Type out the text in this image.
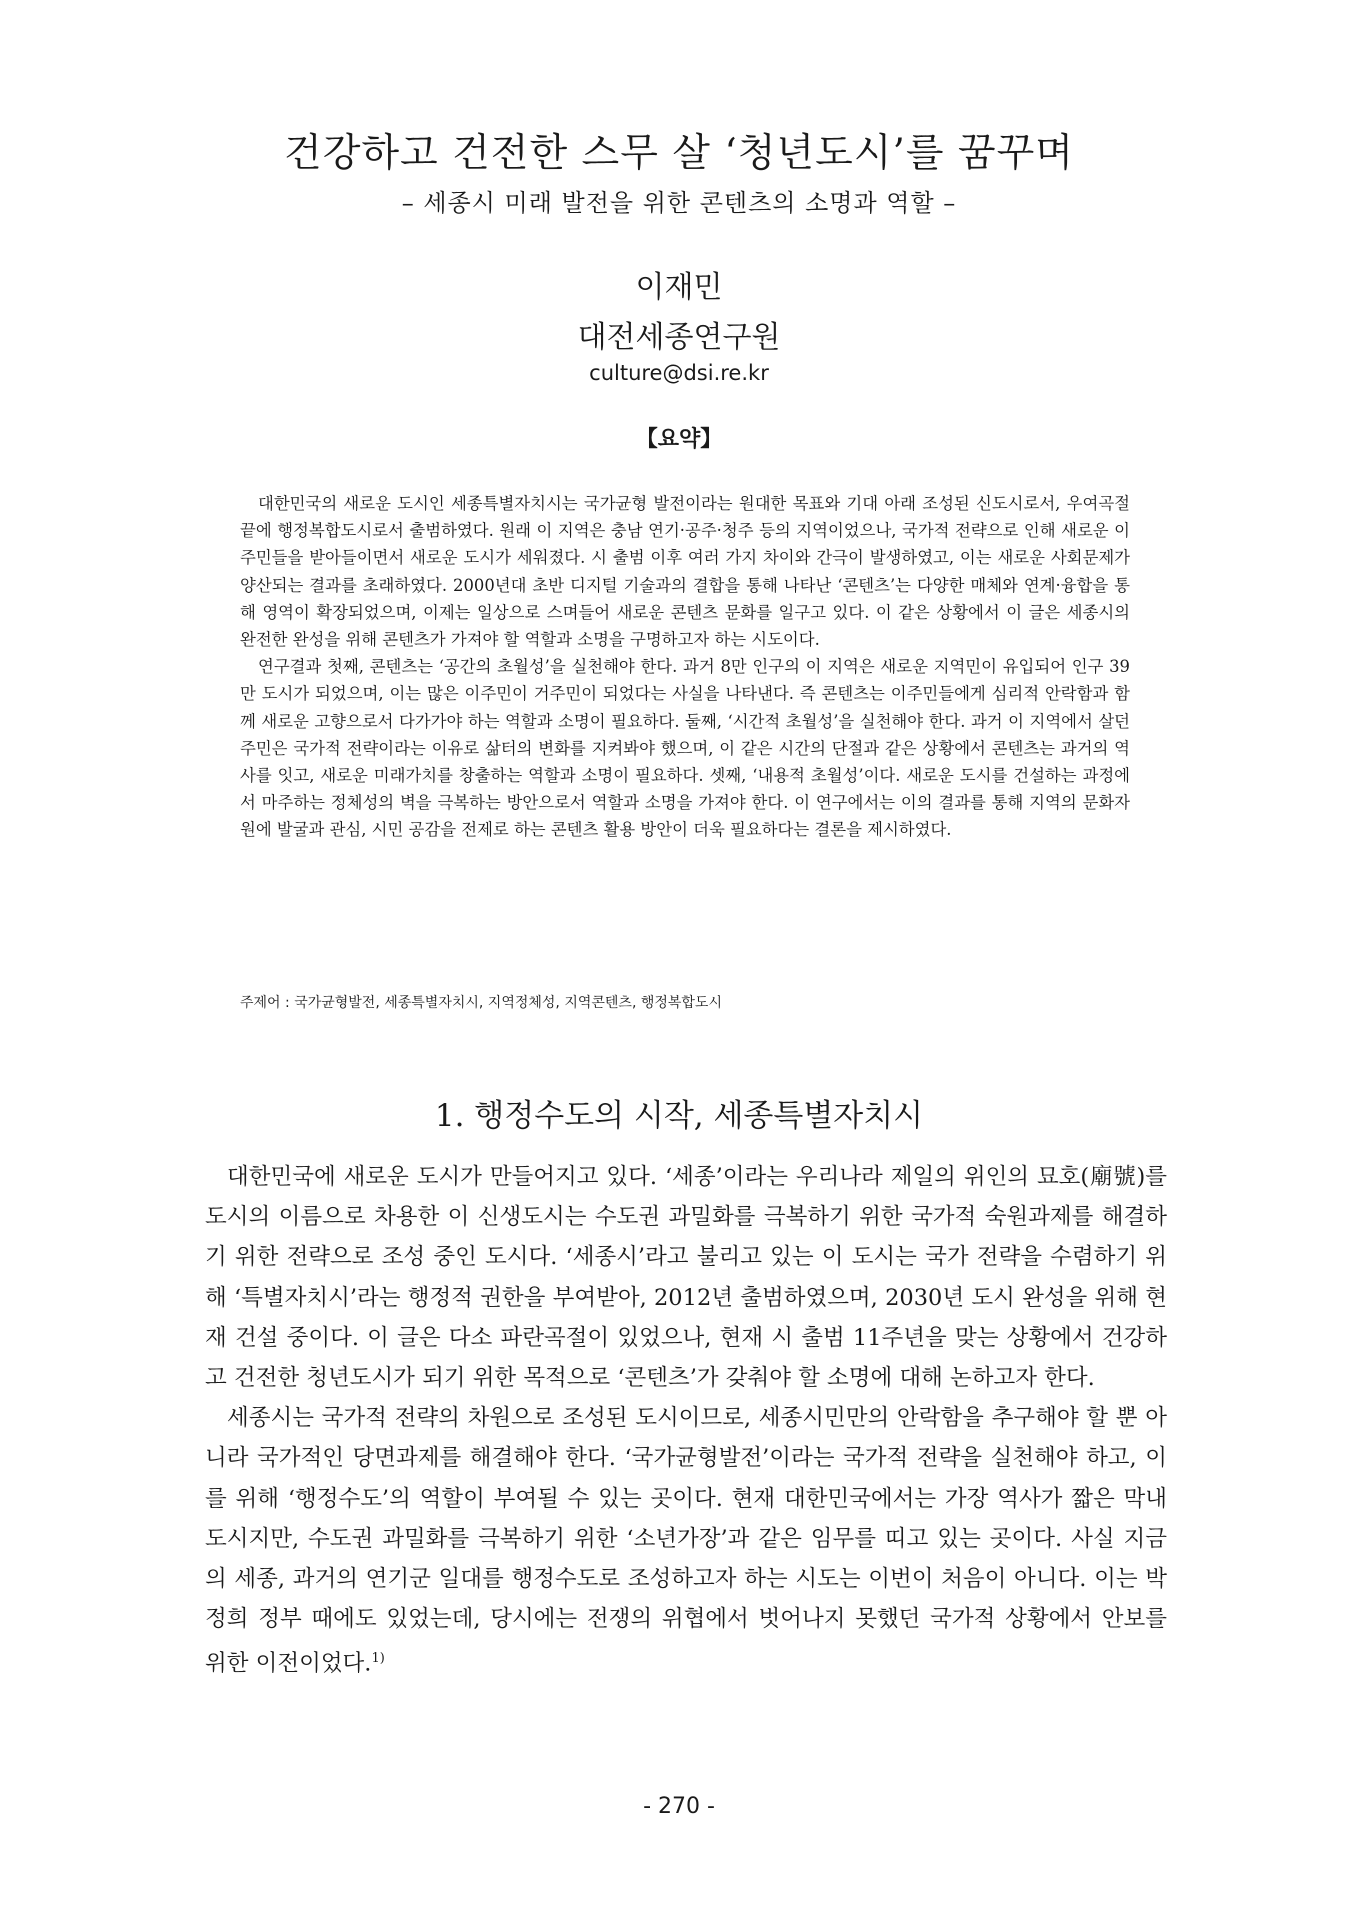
건강하고 건전한 스무 살 ‘청년도시’를 꿈꾸며
– 세종시 미래 발전을 위한 콘텐츠의 소명과 역할 –
이재민
대전세종연구원
culture@dsi.re.kr
【요약】

대한민국의 새로운 도시인 세종특별자치시는 국가균형 발전이라는 원대한 목표와 기대 아래 조성된 신도시로서, 우여곡절 끝에 행정복합도시로서 출범하였다. 원래 이 지역은 충남 연기·공주·청주 등의 지역이었으나, 국가적 전략으로 인해 새로운 이주민들을 받아들이면서 새로운 도시가 세워졌다. 시 출범 이후 여러 가지 차이와 간극이 발생하였고, 이는 새로운 사회문제가 양산되는 결과를 초래하였다. 2000년대 초반 디지털 기술과의 결합을 통해 나타난 ‘콘텐츠’는 다양한 매체와 연계·융합을 통해 영역이 확장되었으며, 이제는 일상으로 스며들어 새로운 콘텐츠 문화를 일구고 있다. 이 같은 상황에서 이 글은 세종시의 완전한 완성을 위해 콘텐츠가 가져야 할 역할과 소명을 구명하고자 하는 시도이다.

연구결과 첫째, 콘텐츠는 ‘공간의 초월성’을 실천해야 한다. 과거 8만 인구의 이 지역은 새로운 지역민이 유입되어 인구 39만 도시가 되었으며, 이는 많은 이주민이 거주민이 되었다는 사실을 나타낸다. 즉 콘텐츠는 이주민들에게 심리적 안락함과 함께 새로운 고향으로서 다가가야 하는 역할과 소명이 필요하다. 둘째, ‘시간적 초월성’을 실천해야 한다. 과거 이 지역에서 살던 주민은 국가적 전략이라는 이유로 삶터의 변화를 지켜봐야 했으며, 이 같은 시간의 단절과 같은 상황에서 콘텐츠는 과거의 역사를 잇고, 새로운 미래가치를 창출하는 역할과 소명이 필요하다. 셋째, ‘내용적 초월성’이다. 새로운 도시를 건설하는 과정에서 마주하는 정체성의 벽을 극복하는 방안으로서 역할과 소명을 가져야 한다. 이 연구에서는 이의 결과를 통해 지역의 문화자원에 발굴과 관심, 시민 공감을 전제로 하는 콘텐츠 활용 방안이 더욱 필요하다는 결론을 제시하였다.

주제어 : 국가균형발전, 세종특별자치시, 지역정체성, 지역콘텐츠, 행정복합도시
1. 행정수도의 시작, 세종특별자치시

대한민국에 새로운 도시가 만들어지고 있다. ‘세종’이라는 우리나라 제일의 위인의 묘호(廟號)를 도시의 이름으로 차용한 이 신생도시는 수도권 과밀화를 극복하기 위한 국가적 숙원과제를 해결하기 위한 전략으로 조성 중인 도시다. ‘세종시’라고 불리고 있는 이 도시는 국가 전략을 수렴하기 위해 ‘특별자치시’라는 행정적 권한을 부여받아, 2012년 출범하였으며, 2030년 도시 완성을 위해 현재 건설 중이다. 이 글은 다소 파란곡절이 있었으나, 현재 시 출범 11주년을 맞는 상황에서 건강하고 건전한 청년도시가 되기 위한 목적으로 ‘콘텐츠’가 갖춰야 할 소명에 대해 논하고자 한다.

세종시는 국가적 전략의 차원으로 조성된 도시이므로, 세종시민만의 안락함을 추구해야 할 뿐 아니라 국가적인 당면과제를 해결해야 한다. ‘국가균형발전’이라는 국가적 전략을 실천해야 하고, 이를 위해 ‘행정수도’의 역할이 부여될 수 있는 곳이다. 현재 대한민국에서는 가장 역사가 짧은 막내 도시지만, 수도권 과밀화를 극복하기 위한 ‘소년가장’과 같은 임무를 띠고 있는 곳이다. 사실 지금의 세종, 과거의 연기군 일대를 행정수도로 조성하고자 하는 시도는 이번이 처음이 아니다. 이는 박정희 정부 때에도 있었는데, 당시에는 전쟁의 위협에서 벗어나지 못했던 국가적 상황에서 안보를 위한 이전이었다.$^{1)}$

- 270 -
